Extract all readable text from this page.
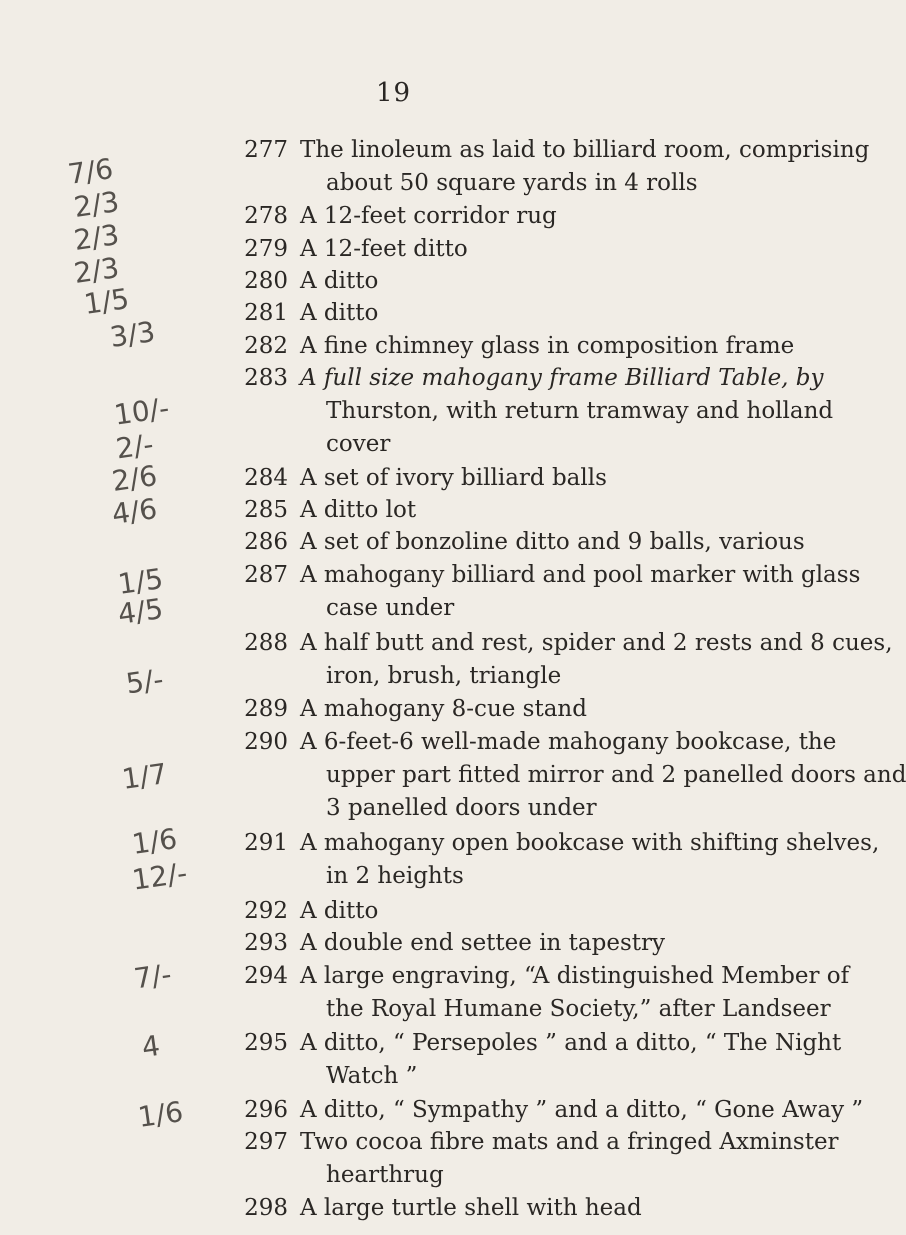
19
7/6
2/3
2/3
2/3
1/5
3/3
10/-
2/-
2/6
4/6
1/5
4/5
5/-
1/7
1/6
12/-
7/-
4
1/6
277 The linoleum as laid to billiard room, comprising
about 50 square yards in 4 rolls
278 A 12-feet corridor rug
279 A 12-feet ditto
280 A ditto
281 A ditto
282 A fine chimney glass in composition frame
283 A full size mahogany frame Billiard Table, by
Thurston, with return tramway and holland
cover
284 A set of ivory billiard balls
285 A ditto lot
286 A set of bonzoline ditto and 9 balls, various
287 A mahogany billiard and pool marker with glass
case under
288 A half butt and rest, spider and 2 rests and 8 cues,
iron, brush, triangle
289 A mahogany 8-cue stand
290 A 6-feet-6 well-made mahogany bookcase, the
upper part fitted mirror and 2 panelled doors and
3 panelled doors under
291 A mahogany open bookcase with shifting shelves,
in 2 heights
292 A ditto
293 A double end settee in tapestry
294 A large engraving, “A distinguished Member of
the Royal Humane Society,” after Landseer
295 A ditto, “ Persepoles ” and a ditto, “ The Night
Watch ”
296 A ditto, “ Sympathy ” and a ditto, “ Gone Away ”
297 Two cocoa fibre mats and a fringed Axminster
hearthrug
298 A large turtle shell with head
